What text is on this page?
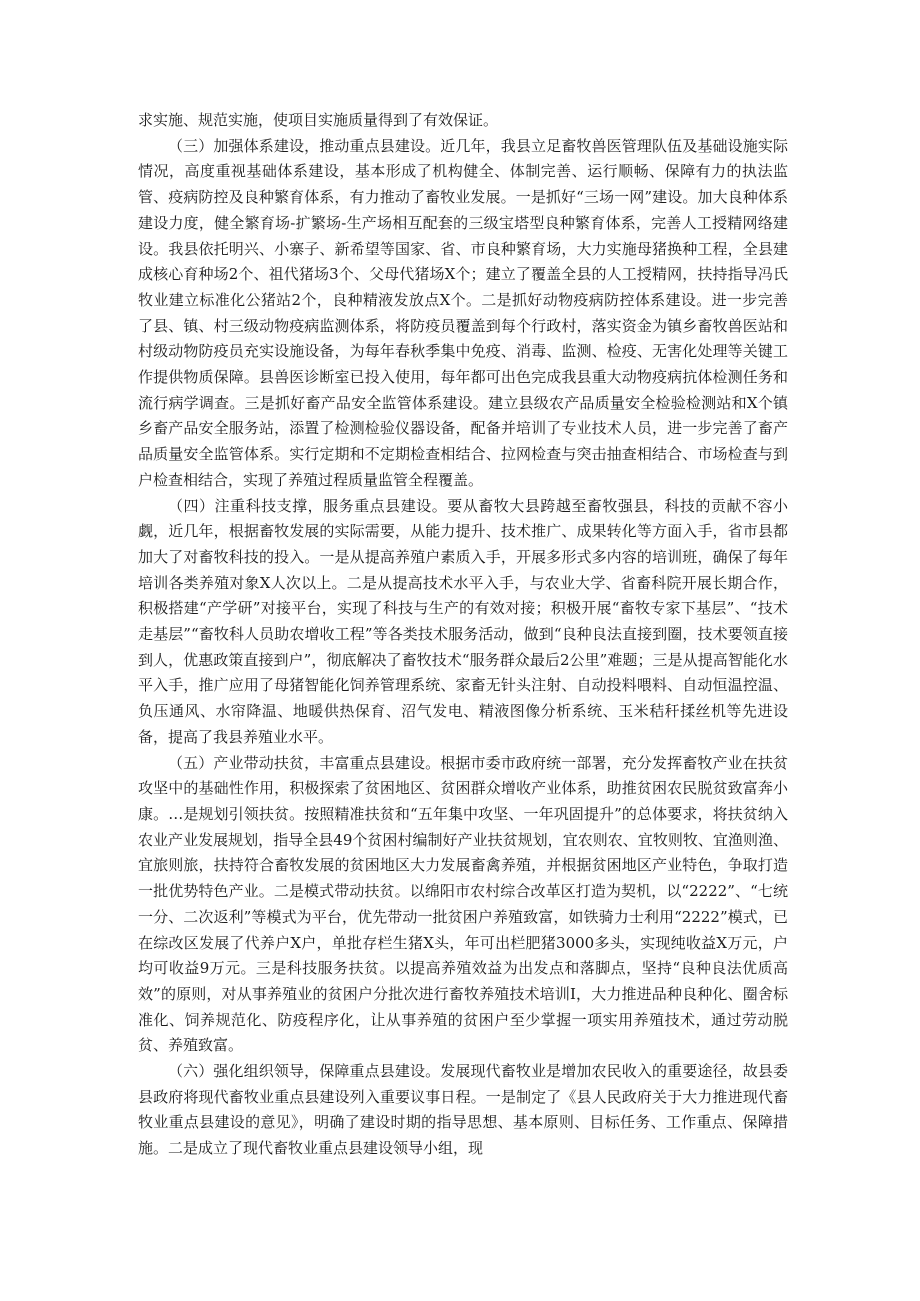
求实施、规范实施，使项目实施质量得到了有效保证。

（三）加强体系建设，推动重点县建设。近几年，我县立足畜牧兽医管理队伍及基础设施实际情况，高度重视基础体系建设，基本形成了机构健全、体制完善、运行顺畅、保障有力的执法监管、疫病防控及良种繁育体系，有力推动了畜牧业发展。一是抓好“三场一网”建设。加大良种体系建设力度，健全繁育场-扩繁场-生产场相互配套的三级宝塔型良种繁育体系，完善人工授精网络建设。我县依托明兴、小寨子、新希望等国家、省、市良种繁育场，大力实施母猪换种工程，全县建成核心育种场2个、祖代猪场3个、父母代猪场X个；建立了覆盖全县的人工授精网，扶持指导冯氏牧业建立标准化公猪站2个，良种精液发放点X个。二是抓好动物疫病防控体系建设。进一步完善了县、镇、村三级动物疫病监测体系，将防疫员覆盖到每个行政村，落实资金为镇乡畜牧兽医站和村级动物防疫员充实设施设备，为每年春秋季集中免疫、消毒、监测、检疫、无害化处理等关键工作提供物质保障。县兽医诊断室已投入使用，每年都可出色完成我县重大动物疫病抗体检测任务和流行病学调查。三是抓好畜产品安全监管体系建设。建立县级农产品质量安全检验检测站和X个镇乡畜产品安全服务站，添置了检测检验仪器设备，配备并培训了专业技术人员，进一步完善了畜产品质量安全监管体系。实行定期和不定期检查相结合、拉网检查与突击抽查相结合、市场检查与到户检查相结合，实现了养殖过程质量监管全程覆盖。

（四）注重科技支撑，服务重点县建设。要从畜牧大县跨越至畜牧强县，科技的贡献不容小觑，近几年，根据畜牧发展的实际需要，从能力提升、技术推广、成果转化等方面入手，省市县都加大了对畜牧科技的投入。一是从提高养殖户素质入手，开展多形式多内容的培训班，确保了每年培训各类养殖对象X人次以上。二是从提高技术水平入手，与农业大学、省畜科院开展长期合作，积极搭建“产学研”对接平台，实现了科技与生产的有效对接；积极开展“畜牧专家下基层”、“技术走基层”“畜牧科人员助农增收工程”等各类技术服务活动，做到“良种良法直接到圈，技术要领直接到人，优惠政策直接到户”，彻底解决了畜牧技术“服务群众最后2公里”难题；三是从提高智能化水平入手，推广应用了母猪智能化饲养管理系统、家畜无针头注射、自动投料喂料、自动恒温控温、负压通风、水帘降温、地暖供热保育、沼气发电、精液图像分析系统、玉米秸秆揉丝机等先进设备，提高了我县养殖业水平。

（五）产业带动扶贫，丰富重点县建设。根据市委市政府统一部署，充分发挥畜牧产业在扶贫攻坚中的基础性作用，积极探索了贫困地区、贫困群众增收产业体系，助推贫困农民脱贫致富奔小康。…是规划引领扶贫。按照精准扶贫和“五年集中攻坚、一年巩固提升”的总体要求，将扶贫纳入农业产业发展规划，指导全县49个贫困村编制好产业扶贫规划，宜农则农、宜牧则牧、宜渔则渔、宜旅则旅，扶持符合畜牧发展的贫困地区大力发展畜禽养殖，并根据贫困地区产业特色，争取打造一批优势特色产业。二是模式带动扶贫。以绵阳市农村综合改革区打造为契机，以“2222”、“七统一分、二次返利”等模式为平台，优先带动一批贫困户养殖致富，如铁骑力士利用“2222”模式，已在综改区发展了代养户X户，单批存栏生猪X头，年可出栏肥猪3000多头，实现纯收益X万元，户均可收益9万元。三是科技服务扶贫。以提高养殖效益为出发点和落脚点，坚持“良种良法优质高效”的原则，对从事养殖业的贫困户分批次进行畜牧养殖技术培训I，大力推进品种良种化、圈舍标准化、饲养规范化、防疫程序化，让从事养殖的贫困户至少掌握一项实用养殖技术，通过劳动脱贫、养殖致富。

（六）强化组织领导，保障重点县建设。发展现代畜牧业是增加农民收入的重要途径，故县委县政府将现代畜牧业重点县建设列入重要议事日程。一是制定了《县人民政府关于大力推进现代畜牧业重点县建设的意见》，明确了建设时期的指导思想、基本原则、目标任务、工作重点、保障措施。二是成立了现代畜牧业重点县建设领导小组，现
